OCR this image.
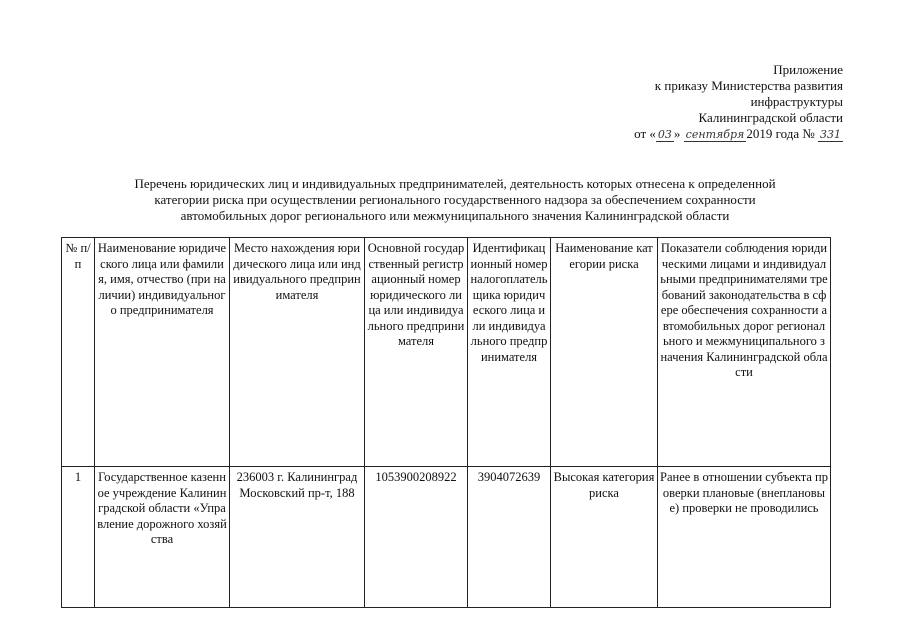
Приложение
к приказу Министерства развития
инфраструктуры
Калининградской области
от « 03 » сентября 2019 года № 331
Перечень юридических лиц и индивидуальных предпринимателей, деятельность которых отнесена к определенной
категории риска при осуществлении регионального государственного надзора за обеспечением сохранности
автомобильных дорог регионального или межмуниципального значения Калининградской области
№ п/п	Наименование юридического лица или фамилия, имя, отчество (при наличии) индивидуального предпринимателя	Место нахождения юридического лица или индивидуального предпринимателя	Основной государственный регистрационный номер юридического лица или индивидуального предпринимателя	Идентификационный номер налогоплательщика юридического лица или индивидуального предпринимателя	Наименование категории риска	Показатели соблюдения юридическими лицами и индивидуальными предпринимателями требований законодательства в сфере обеспечения сохранности автомобильных дорог регионального и межмуниципального значения Калининградской области
1	Государственное казенное учреждение Калининградской области «Управление дорожного хозяйства	236003 г. Калининград Московский пр-т, 188	1053900208922	3904072639	Высокая категория риска	Ранее в отношении субъекта проверки плановые (внеплановые) проверки не проводились
